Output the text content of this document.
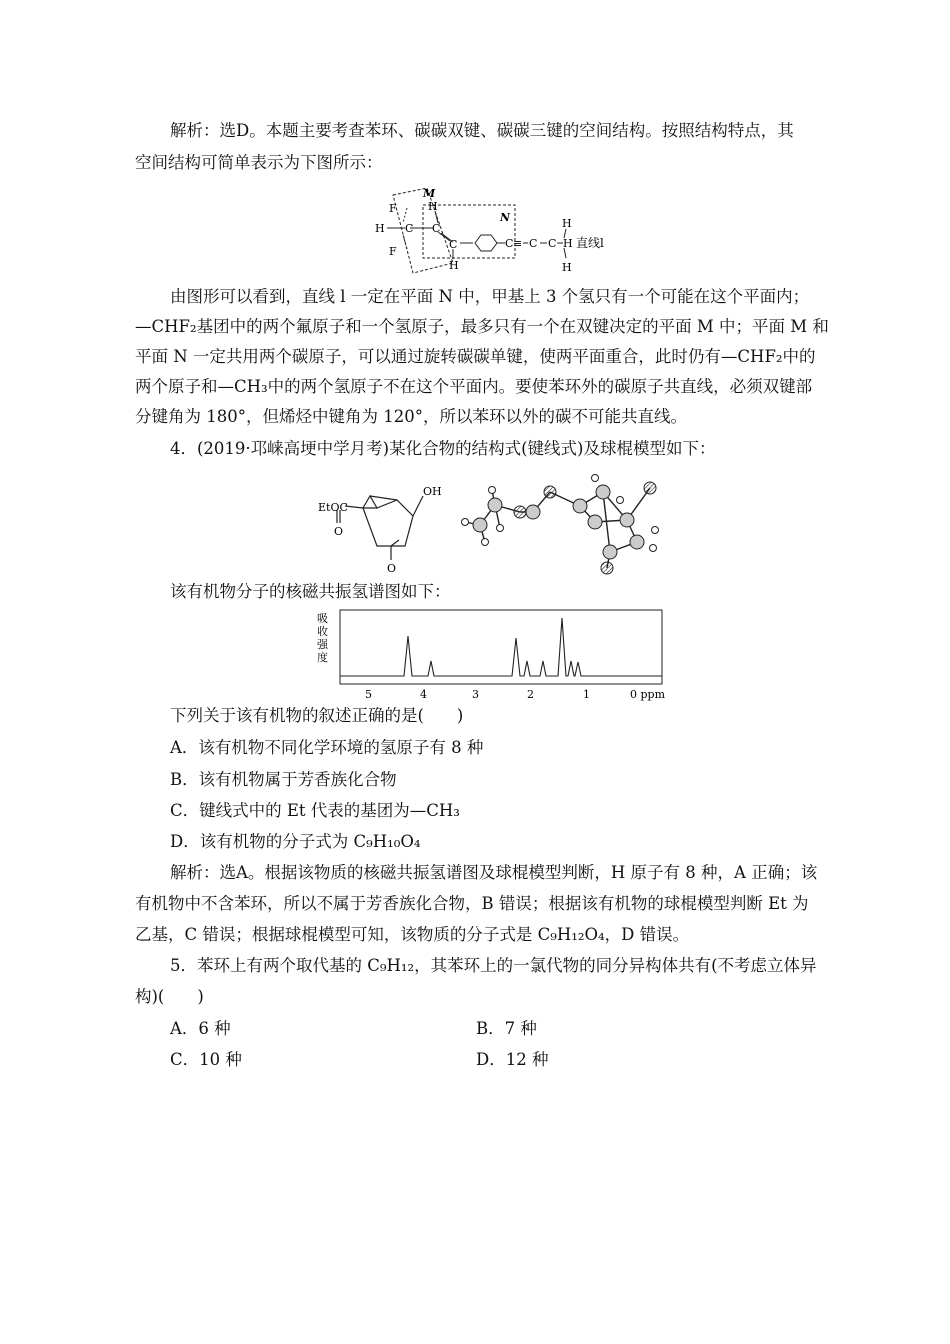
解析：选D。本题主要考查苯环、碳碳双键、碳碳三键的空间结构。按照结构特点，其
空间结构可简单表示为下图所示：
M
N
F
H C
F
H
C
C
H
C ≡ C C
H
H
H
直线l
由图形可以看到，直线 l 一定在平面 N 中，甲基上 3 个氢只有一个可能在这个平面内；
—CHF₂基团中的两个氟原子和一个氢原子，最多只有一个在双键决定的平面 M 中；平面 M 和
平面 N 一定共用两个碳原子，可以通过旋转碳碳单键，使两平面重合，此时仍有—CHF₂中的
两个原子和—CH₃中的两个氢原子不在这个平面内。要使苯环外的碳原子共直线，必须双键部
分键角为 180°，但烯烃中键角为 120°，所以苯环以外的碳不可能共直线。
4．(2019·邛崃高埂中学月考)某化合物的结构式(键线式)及球棍模型如下：
EtOC
O
OH
O
该有机物分子的核磁共振氢谱图如下：
吸
收
强
度
5	4	3	2	1	0 ppm
下列关于该有机物的叙述正确的是(　　)
A．该有机物不同化学环境的氢原子有 8 种
B．该有机物属于芳香族化合物
C．键线式中的 Et 代表的基团为—CH₃
D．该有机物的分子式为 C₉H₁₀O₄
解析：选A。根据该物质的核磁共振氢谱图及球棍模型判断，H 原子有 8 种，A 正确；该
有机物中不含苯环，所以不属于芳香族化合物，B 错误；根据该有机物的球棍模型判断 Et 为
乙基，C 错误；根据球棍模型可知，该物质的分子式是 C₉H₁₂O₄，D 错误。
5．苯环上有两个取代基的 C₉H₁₂，其苯环上的一氯代物的同分异构体共有(不考虑立体异
构)(　　)
A．6 种	B．7 种
C．10 种	D．12 种
